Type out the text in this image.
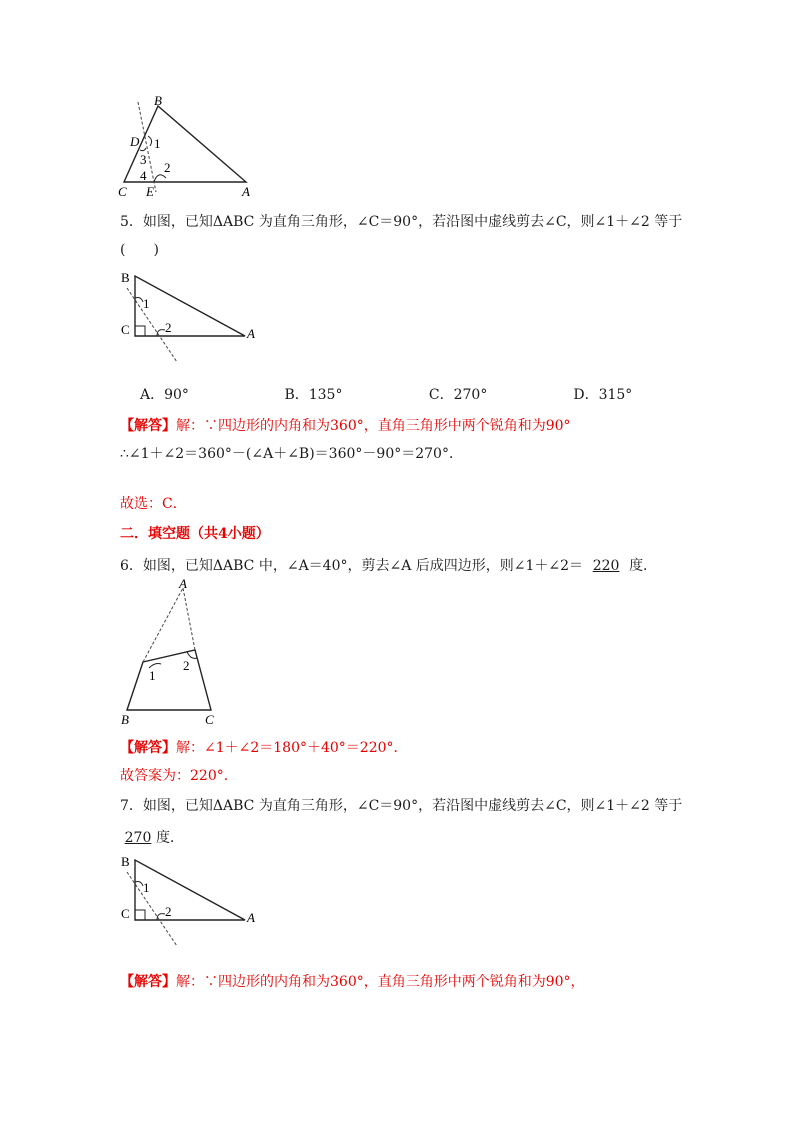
B
D 1
3
4
2
C E	A
5．如图，已知ΔABC 为直角三角形，∠C＝90°，若沿图中虚线剪去∠C，则∠1＋∠2 等于
(　　)
1
2
B
C	A
A．90°	B．135°	C．270°	D．315°
【解答】解：∵四边形的内角和为360°，直角三角形中两个锐角和为90°
∴∠1＋∠2＝360°－(∠A＋∠B)＝360°－90°＝270°．
故选：C．
二．填空题（共4小题）
6．如图，已知ΔABC 中，∠A＝40°，剪去∠A 后成四边形，则∠1＋∠2＝ 220 度．
A
1
2
B	C
【解答】解：∠1＋∠2＝180°＋40°＝220°．
故答案为：220°．
7．如图，已知ΔABC 为直角三角形，∠C＝90°，若沿图中虚线剪去∠C，则∠1＋∠2 等于
270 度．
1
2
B
C	A
【解答】解：∵四边形的内角和为360°，直角三角形中两个锐角和为90°，
